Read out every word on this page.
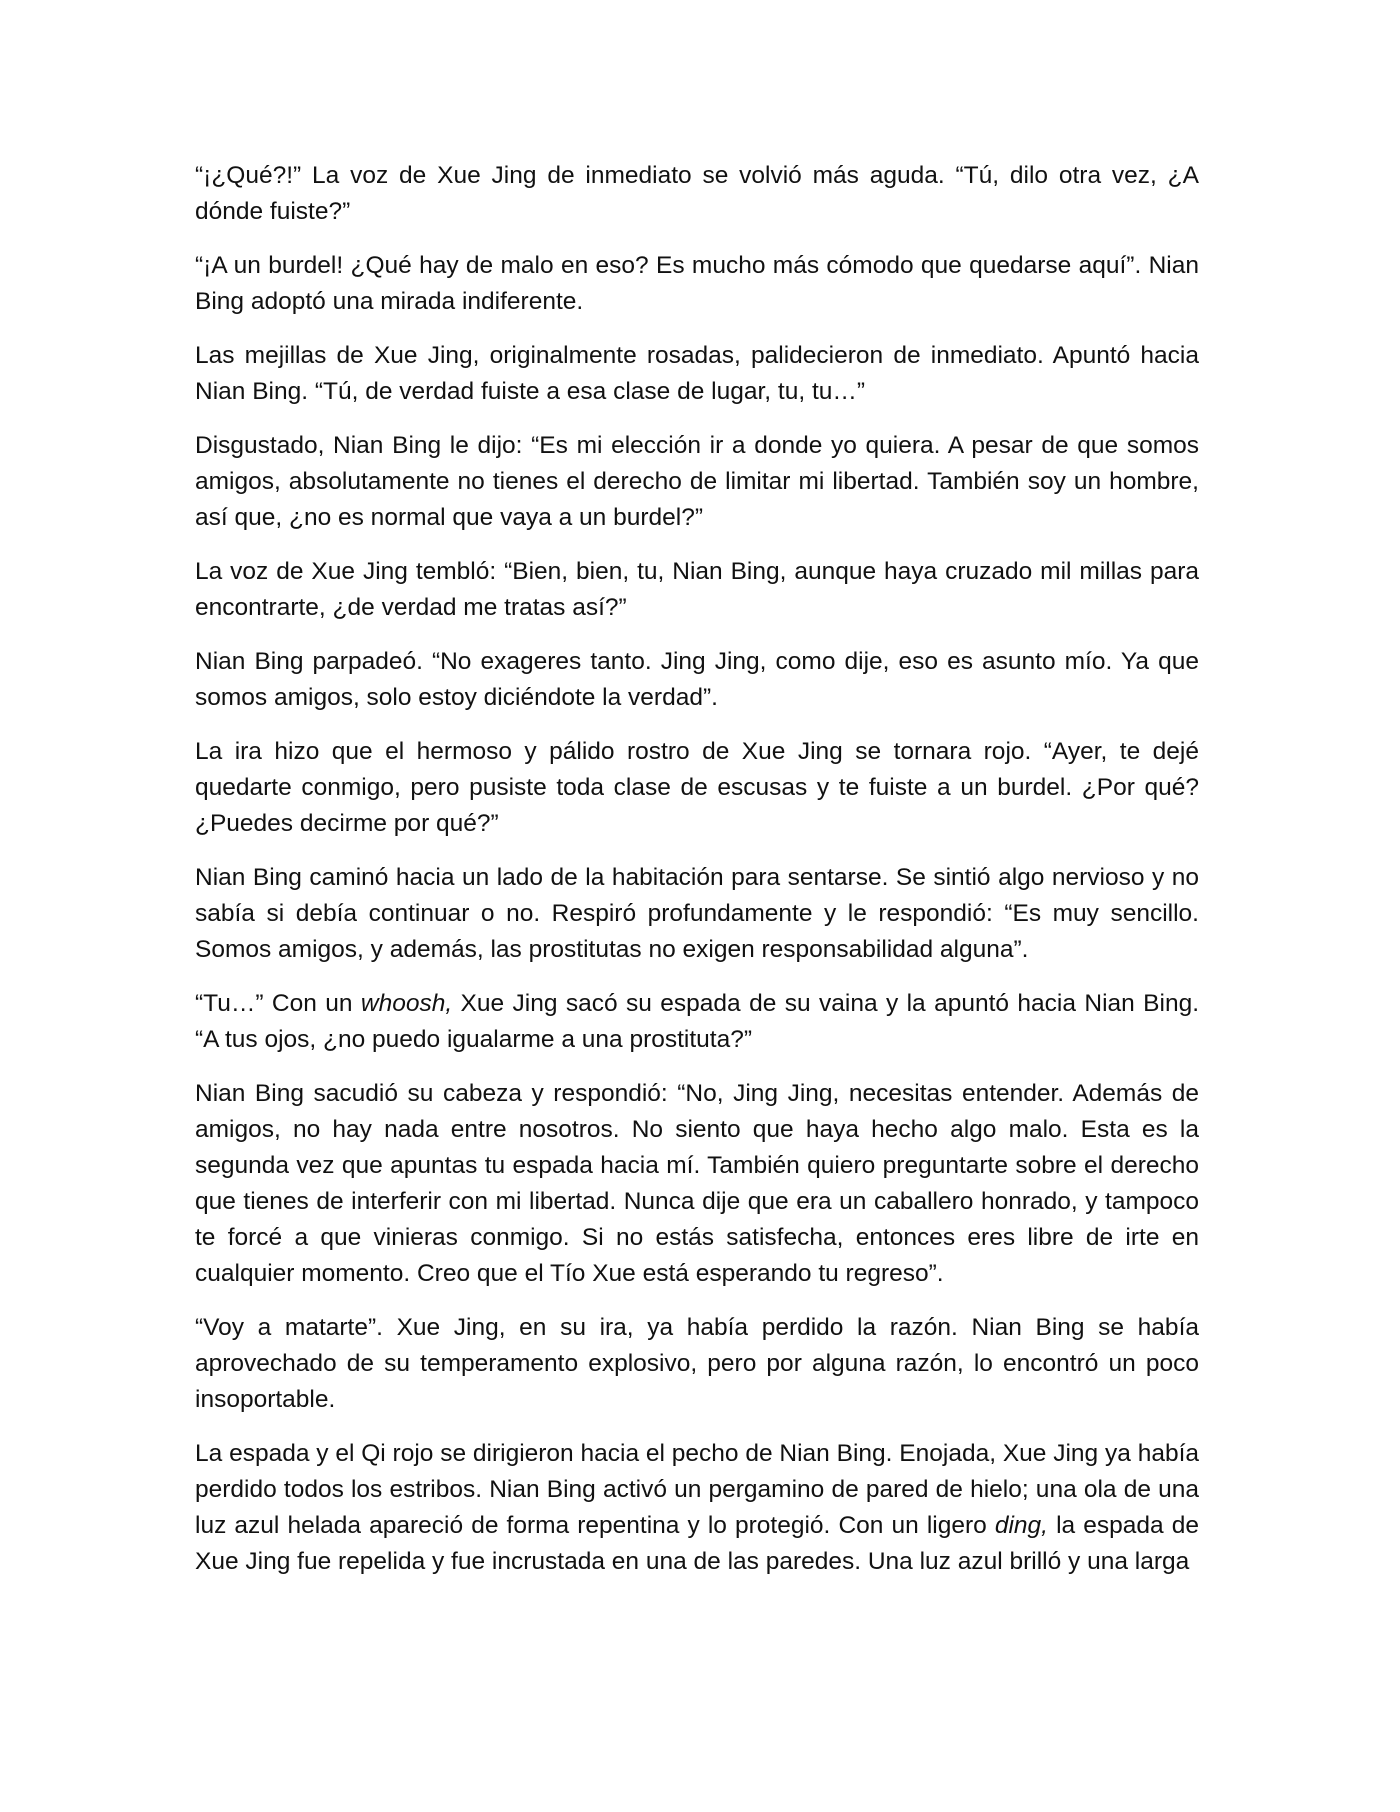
“¡¿Qué?!” La voz de Xue Jing de inmediato se volvió más aguda. “Tú, dilo otra vez, ¿A dónde fuiste?”

“¡A un burdel! ¿Qué hay de malo en eso? Es mucho más cómodo que quedarse aquí”. Nian Bing adoptó una mirada indiferente.

Las mejillas de Xue Jing, originalmente rosadas, palidecieron de inmediato. Apuntó hacia Nian Bing. “Tú, de verdad fuiste a esa clase de lugar, tu, tu…”

Disgustado, Nian Bing le dijo: “Es mi elección ir a donde yo quiera. A pesar de que somos amigos, absolutamente no tienes el derecho de limitar mi libertad. También soy un hombre, así que, ¿no es normal que vaya a un burdel?”

La voz de Xue Jing tembló: “Bien, bien, tu, Nian Bing, aunque haya cruzado mil millas para encontrarte, ¿de verdad me tratas así?”

Nian Bing parpadeó. “No exageres tanto. Jing Jing, como dije, eso es asunto mío. Ya que somos amigos, solo estoy diciéndote la verdad”.

La ira hizo que el hermoso y pálido rostro de Xue Jing se tornara rojo. “Ayer, te dejé quedarte conmigo, pero pusiste toda clase de escusas y te fuiste a un burdel. ¿Por qué? ¿Puedes decirme por qué?”

Nian Bing caminó hacia un lado de la habitación para sentarse. Se sintió algo nervioso y no sabía si debía continuar o no. Respiró profundamente y le respondió: “Es muy sencillo. Somos amigos, y además, las prostitutas no exigen responsabilidad alguna”.

“Tu…” Con un whoosh, Xue Jing sacó su espada de su vaina y la apuntó hacia Nian Bing. “A tus ojos, ¿no puedo igualarme a una prostituta?”

Nian Bing sacudió su cabeza y respondió: “No, Jing Jing, necesitas entender. Además de amigos, no hay nada entre nosotros. No siento que haya hecho algo malo. Esta es la segunda vez que apuntas tu espada hacia mí. También quiero preguntarte sobre el derecho que tienes de interferir con mi libertad. Nunca dije que era un caballero honrado, y tampoco te forcé a que vinieras conmigo. Si no estás satisfecha, entonces eres libre de irte en cualquier momento. Creo que el Tío Xue está esperando tu regreso”.

“Voy a matarte”. Xue Jing, en su ira, ya había perdido la razón. Nian Bing se había aprovechado de su temperamento explosivo, pero por alguna razón, lo encontró un poco insoportable.

La espada y el Qi rojo se dirigieron hacia el pecho de Nian Bing. Enojada, Xue Jing ya había perdido todos los estribos. Nian Bing activó un pergamino de pared de hielo; una ola de una luz azul helada apareció de forma repentina y lo protegió. Con un ligero ding, la espada de Xue Jing fue repelida y fue incrustada en una de las paredes. Una luz azul brilló y una larga
